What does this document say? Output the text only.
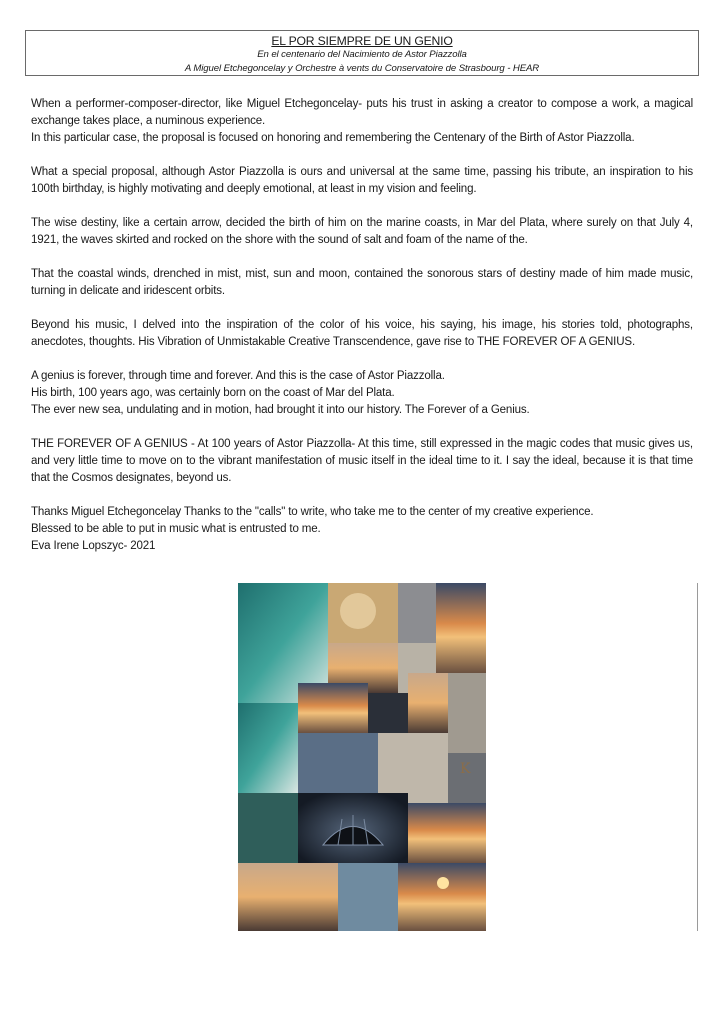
EL POR SIEMPRE DE UN GENIO
En el centenario del Nacimiento de Astor Piazzolla
A Miguel Etchegoncelay y Orchestre à vents du Conservatoire de Strasbourg - HEAR

When a performer-composer-director, like Miguel Etchegoncelay- puts his trust in asking a creator to compose a work, a magical exchange takes place, a numinous experience.

In this particular case, the proposal is focused on honoring and remembering the Centenary of the Birth of Astor Piazzolla.

What a special proposal, although Astor Piazzolla is ours and universal at the same time, passing his tribute, an inspiration to his 100th birthday, is highly motivating and deeply emotional, at least in my vision and feeling.

The wise destiny, like a certain arrow, decided the birth of him on the marine coasts, in Mar del Plata, where surely on that July 4, 1921, the waves skirted and rocked on the shore with the sound of salt and foam of the name of the.

That the coastal winds, drenched in mist, mist, sun and moon, contained the sonorous stars of destiny made of him made music, turning in delicate and iridescent orbits.

Beyond his music, I delved into the inspiration of the color of his voice, his saying, his image, his stories told, photographs, anecdotes, thoughts. His Vibration of Unmistakable Creative Transcendence, gave rise to THE FOREVER OF A GENIUS.

A genius is forever, through time and forever. And this is the case of Astor Piazzolla.
His birth, 100 years ago, was certainly born on the coast of Mar del Plata.
The ever new sea, undulating and in motion, had brought it into our history. The Forever of a Genius.

THE FOREVER OF A GENIUS - At 100 years of Astor Piazzolla- At this time, still expressed in the magic codes that music gives us, and very little time to move on to the vibrant manifestation of music itself in the ideal time to it. I say the ideal, because it is that time that the Cosmos designates, beyond us.

Thanks Miguel Etchegoncelay Thanks to the "calls" to write, who take me to the center of my creative experience.
Blessed to be able to put in music what is entrusted to me.
Eva Irene Lopszyc- 2021

K
